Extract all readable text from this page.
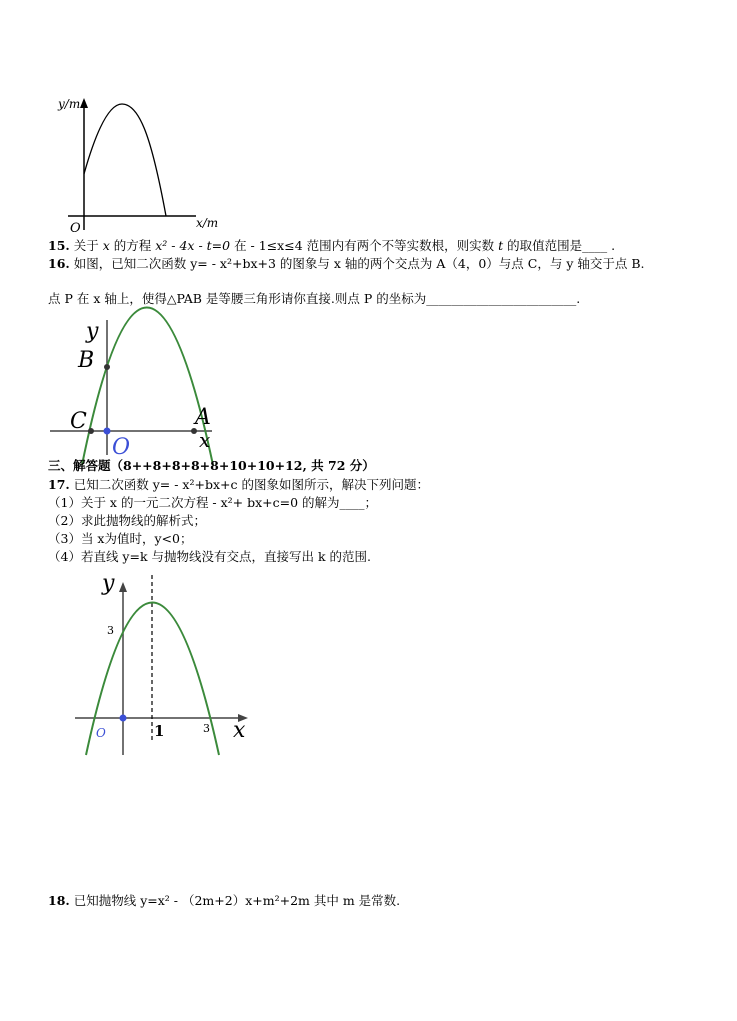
y/m
x/m
O
15. 关于 x 的方程 x² - 4x - t=0 在 - 1≤x≤4 范围内有两个不等实数根，则实数 t 的取值范围是____ .
16. 如图，已知二次函数 y= - x²+bx+3 的图象与 x 轴的两个交点为 A（4，0）与点 C，与 y 轴交于点 B.
点 P 在 x 轴上，使得△PAB 是等腰三角形请你直接.则点 P 的坐标为________________________.
y
B
C	A
O	x
三、解答题（8++8+8+8+8+10+10+12, 共 72 分）
17. 已知二次函数 y= - x²+bx+c 的图象如图所示，解决下列问题：
（1）关于 x 的一元二次方程 - x²+ bx+c=0 的解为____；
（2）求此抛物线的解析式；
（3）当 x为值时，y<0；
（4）若直线 y=k 与抛物线没有交点，直接写出 k 的范围.
y
3
O	1	3 x
18. 已知抛物线 y=x² - （2m+2）x+m²+2m 其中 m 是常数.
